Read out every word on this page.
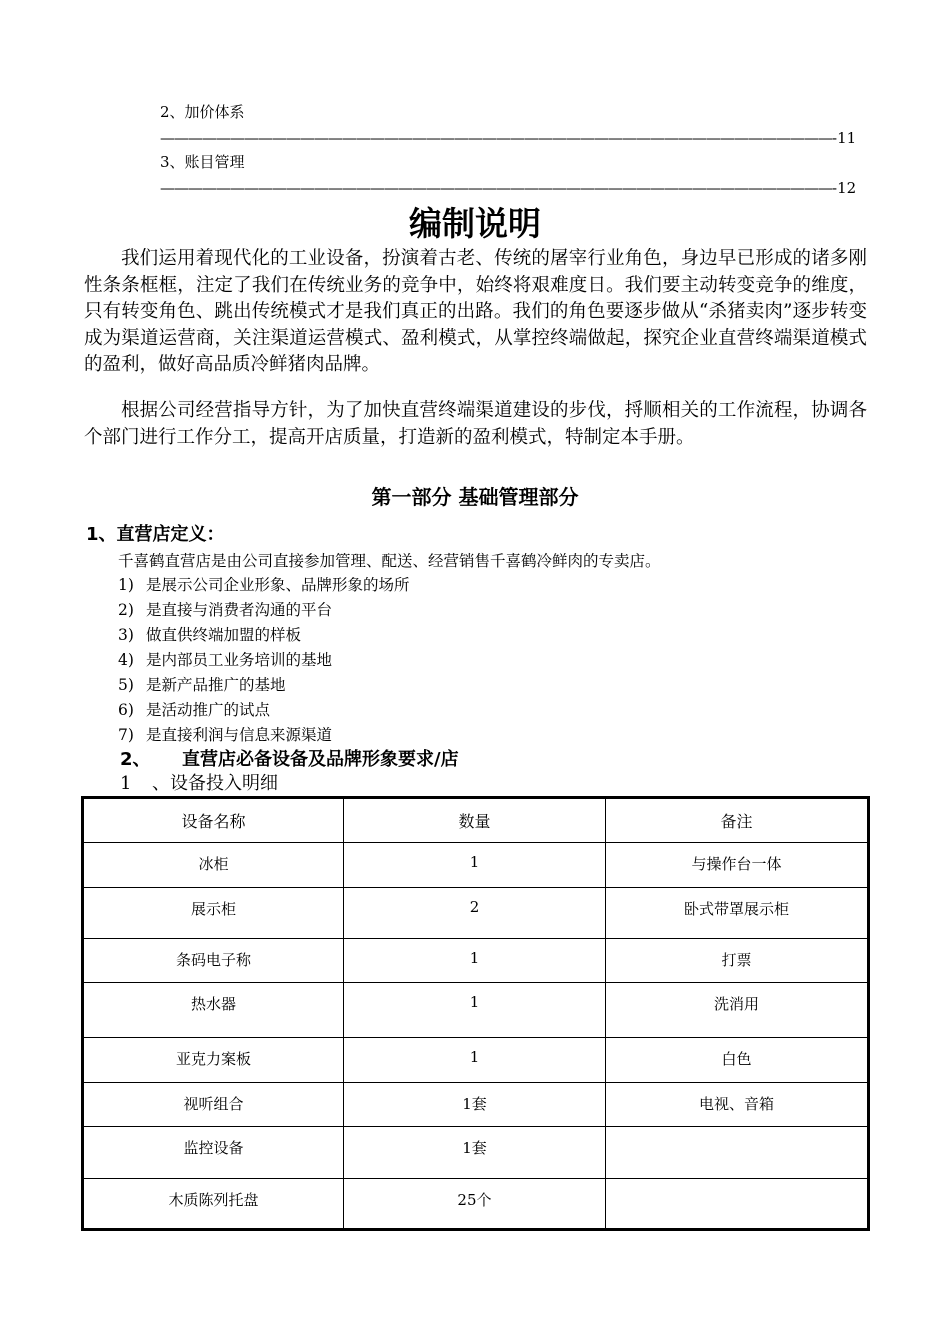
2、加价体系————————————————————————————————————————————————-11
3、账目管理————————————————————————————————————————————————-12
编制说明
我们运用着现代化的工业设备，扮演着古老、传统的屠宰行业角色，身边早已形成的诸多刚性条条框框，注定了我们在传统业务的竞争中，始终将艰难度日。我们要主动转变竞争的维度，只有转变角色、跳出传统模式才是我们真正的出路。我们的角色要逐步做从“杀猪卖肉”逐步转变成为渠道运营商，关注渠道运营模式、盈利模式，从掌控终端做起，探究企业直营终端渠道模式的盈利，做好高品质冷鲜猪肉品牌。
根据公司经营指导方针，为了加快直营终端渠道建设的步伐，捋顺相关的工作流程，协调各个部门进行工作分工，提高开店质量，打造新的盈利模式，特制定本手册。
第一部分 基础管理部分
1、直营店定义：
千喜鹤直营店是由公司直接参加管理、配送、经营销售千喜鹤冷鲜肉的专卖店。
1) 是展示公司企业形象、品牌形象的场所
2) 是直接与消费者沟通的平台
3) 做直供终端加盟的样板
4) 是内部员工业务培训的基地
5) 是新产品推广的基地
6) 是活动推广的试点
7) 是直接利润与信息来源渠道
2、 直营店必备设备及品牌形象要求/店
1 、设备投入明细
设备名称	数量	备注
冰柜	1	与操作台一体
展示柜	2	卧式带罩展示柜
条码电子称	1	打票
热水器	1	洗消用
亚克力案板	1	白色
视听组合	1套	电视、音箱
监控设备	1套	
木质陈列托盘	25个	
